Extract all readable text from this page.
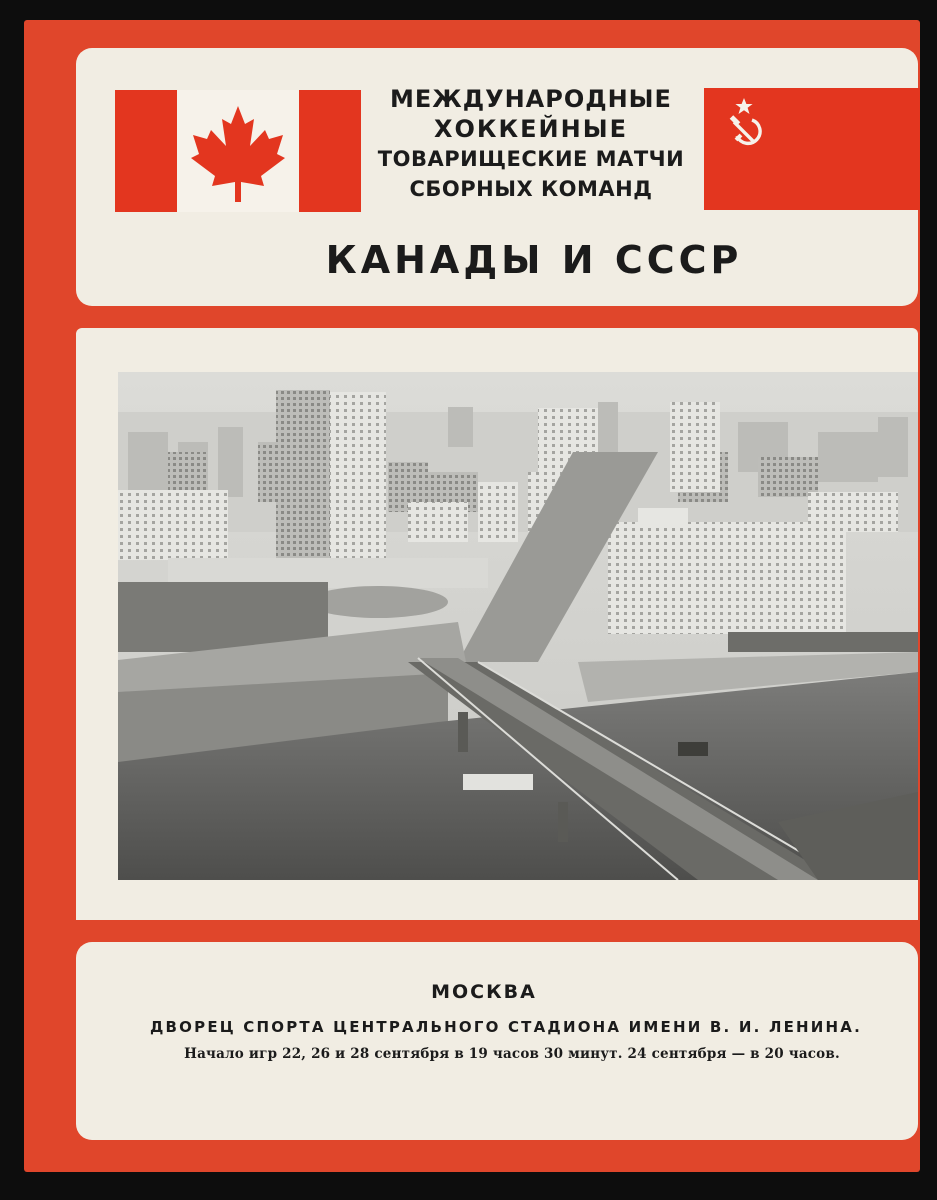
МЕЖДУНАРОДНЫЕ
ХОККЕЙНЫЕ
ТОВАРИЩЕСКИЕ МАТЧИ
СБОРНЫХ КОМАНД
КАНАДЫ И СССР
МОСКВА
ДВОРЕЦ СПОРТА ЦЕНТРАЛЬНОГО СТАДИОНА ИМЕНИ В. И. ЛЕНИНА.
Начало игр 22, 26 и 28 сентября в 19 часов 30 минут. 24 сентября — в 20 часов.
